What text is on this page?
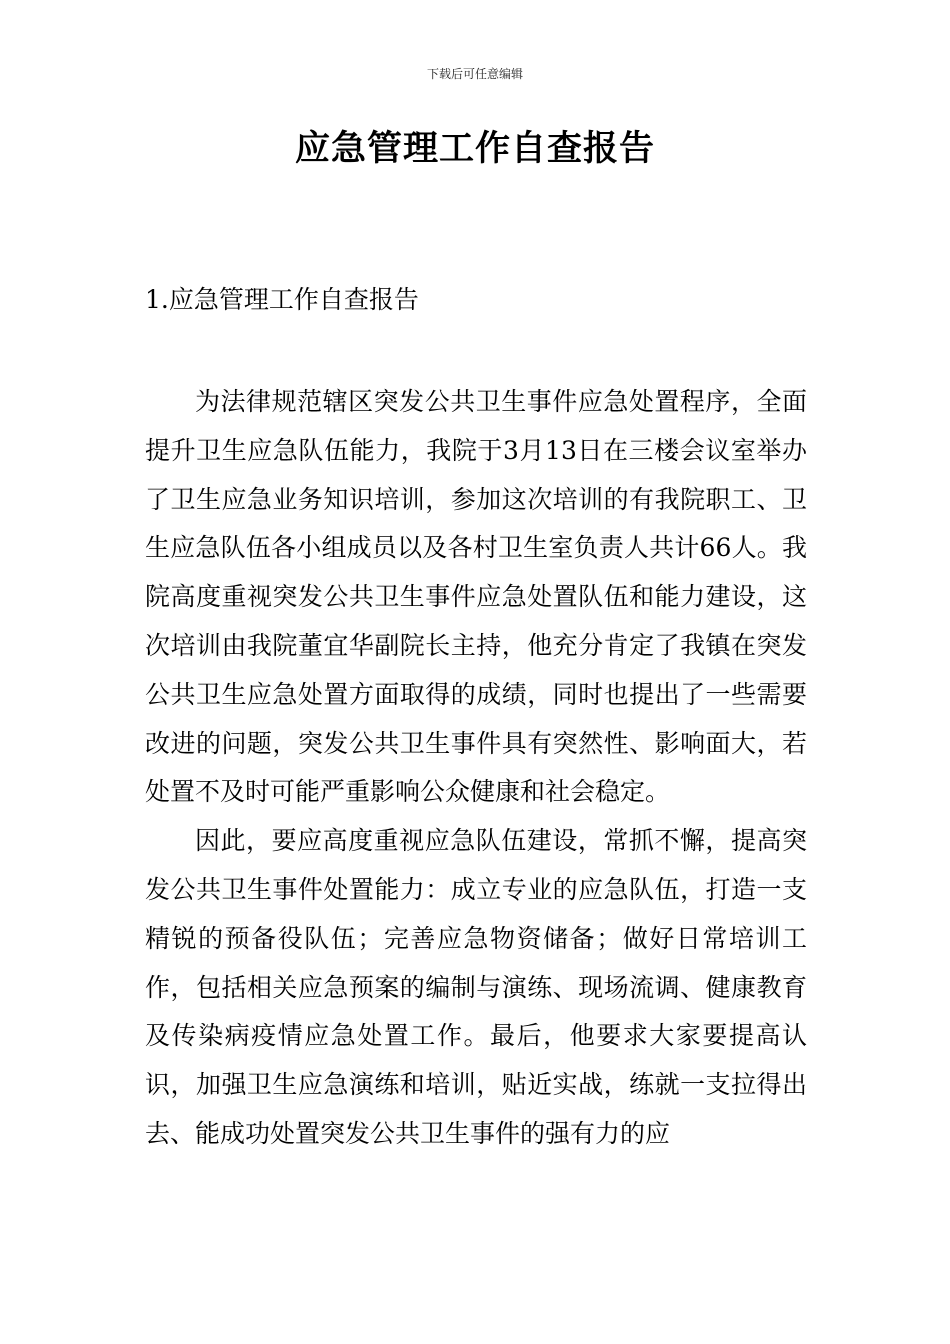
下载后可任意编辑
应急管理工作自查报告
1.应急管理工作自查报告

为法律规范辖区突发公共卫生事件应急处置程序，全面提升卫生应急队伍能力，我院于3月13日在三楼会议室举办了卫生应急业务知识培训，参加这次培训的有我院职工、卫生应急队伍各小组成员以及各村卫生室负责人共计66人。我院高度重视突发公共卫生事件应急处置队伍和能力建设，这次培训由我院董宜华副院长主持，他充分肯定了我镇在突发公共卫生应急处置方面取得的成绩，同时也提出了一些需要改进的问题，突发公共卫生事件具有突然性、影响面大，若处置不及时可能严重影响公众健康和社会稳定。

因此，要应高度重视应急队伍建设，常抓不懈，提高突发公共卫生事件处置能力：成立专业的应急队伍，打造一支精锐的预备役队伍；完善应急物资储备；做好日常培训工作，包括相关应急预案的编制与演练、现场流调、健康教育及传染病疫情应急处置工作。最后，他要求大家要提高认识，加强卫生应急演练和培训，贴近实战，练就一支拉得出去、能成功处置突发公共卫生事件的强有力的应
